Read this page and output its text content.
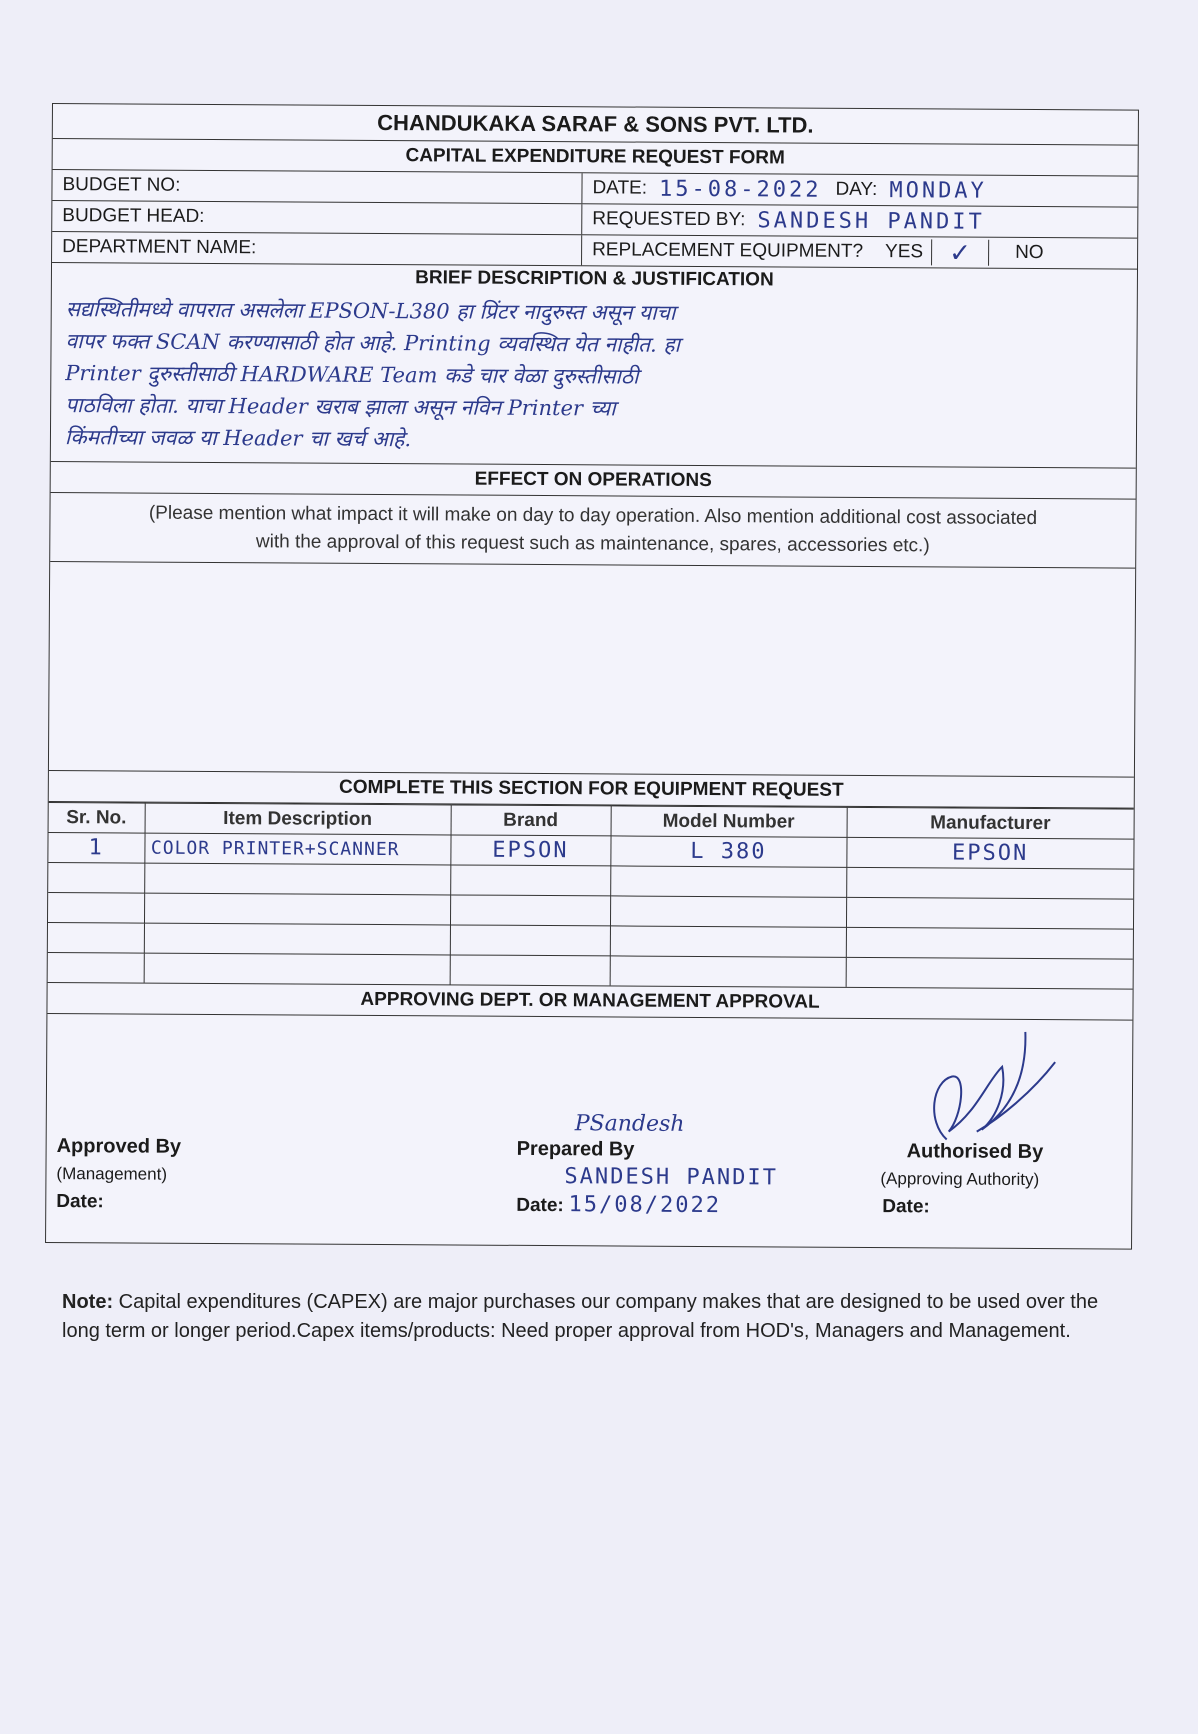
CHANDUKAKA SARAF & SONS PVT. LTD.
CAPITAL EXPENDITURE REQUEST FORM
BUDGET NO:	DATE: 15-08-2022 DAY: MONDAY
BUDGET HEAD:	REQUESTED BY: SANDESH PANDIT
DEPARTMENT NAME:	REPLACEMENT EQUIPMENT? YES ✓	NO
BRIEF DESCRIPTION & JUSTIFICATION
सद्यस्थितीमध्ये वापरात असलेला EPSON-L380 हा प्रिंटर नादुरुस्त असून याचा
वापर फक्त SCAN करण्यासाठी होत आहे. Printing व्यवस्थित येत नाहीत. हा
Printer दुरुस्तीसाठी HARDWARE Team कडे चार वेळा दुरुस्तीसाठी
पाठविला होता. याचा Header खराब झाला असून नविन Printer च्या
किंमतीच्या जवळ या Header चा खर्च आहे.
EFFECT ON OPERATIONS
(Please mention what impact it will make on day to day operation. Also mention additional cost associated
with the approval of this request such as maintenance, spares, accessories etc.)
COMPLETE THIS SECTION FOR EQUIPMENT REQUEST
Sr. No.	Item Description	Brand	Model Number	Manufacturer
1	COLOR PRINTER+SCANNER	EPSON	L 380	EPSON

APPROVING DEPT. OR MANAGEMENT APPROVAL
Approved By
(Management)
Date:
PSandesh
Prepared By
SANDESH PANDIT
Date: 15/08/2022
Authorised By
(Approving Authority)
Date:
Note: Capital expenditures (CAPEX) are major purchases our company makes that are designed to be used over the long term or longer period.Capex items/products: Need proper approval from HOD's, Managers and Management.
